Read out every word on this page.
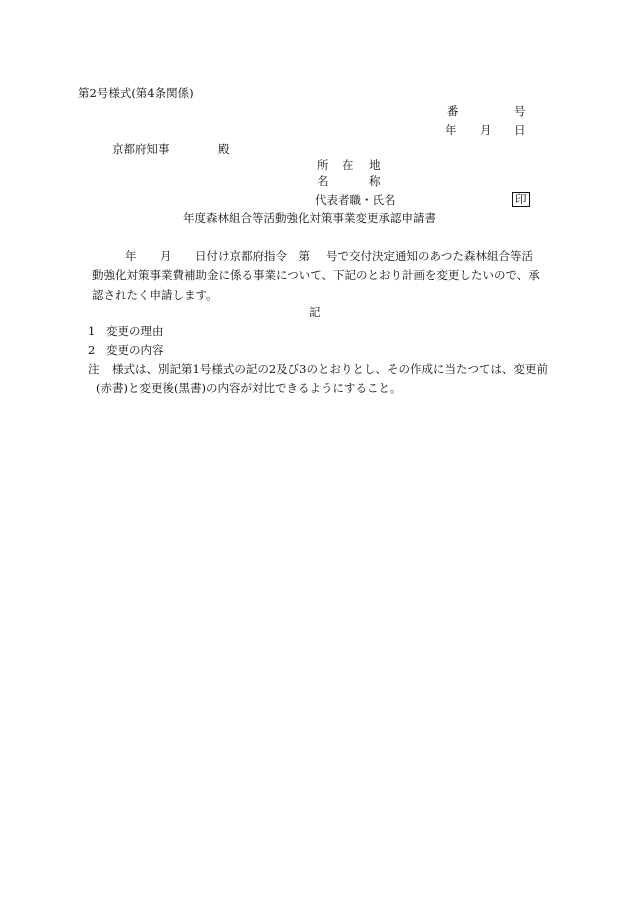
第2号様式(第4条関係)
番	号
年 月 日
京都府知事	殿
所 在 地
名	称
代表者職・氏名	印
年度森林組合等活動強化対策事業変更承認申請書
年 月 日付け京都府指令　第 号で交付決定通知のあつた森林組合等活
動強化対策事業費補助金に係る事業について、下記のとおり計画を変更したいので、承
認されたく申請します。
記
1 変更の理由
2 変更の内容
注 様式は、別記第1号様式の記の2及び3のとおりとし、その作成に当たつては、変更前
(赤書)と変更後(黒書)の内容が対比できるようにすること。
